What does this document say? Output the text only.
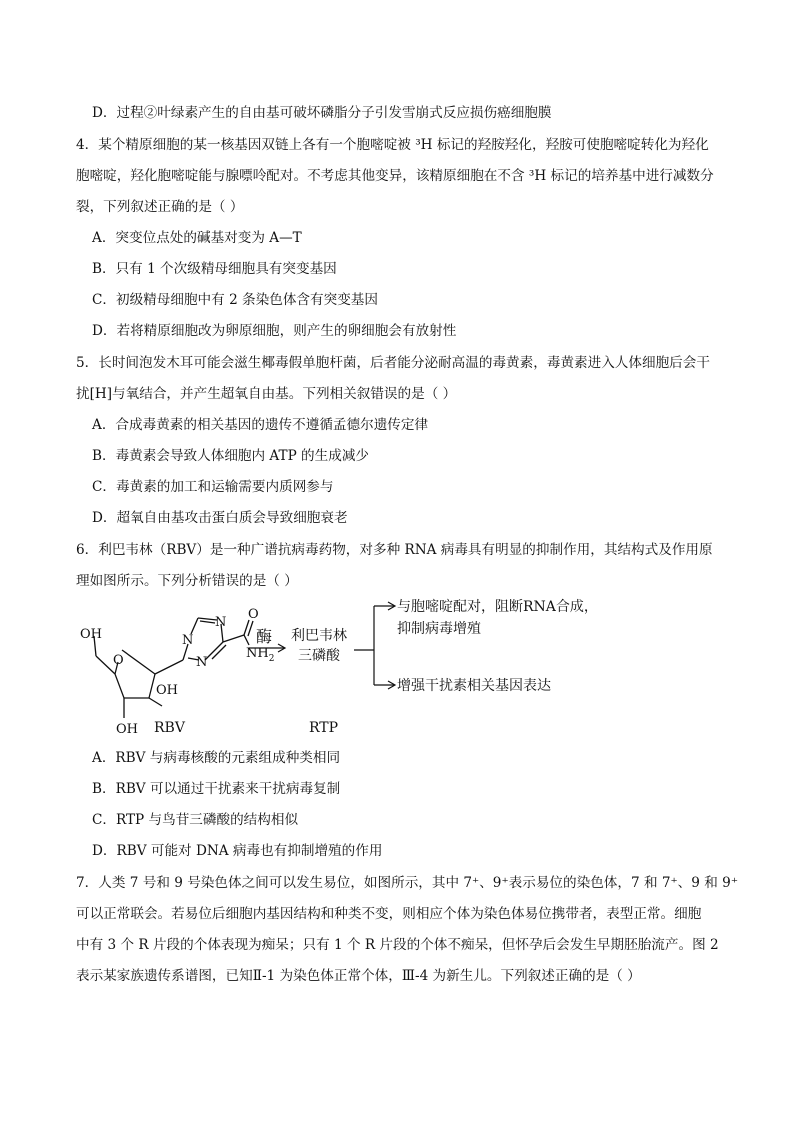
D．过程②叶绿素产生的自由基可破坏磷脂分子引发雪崩式反应损伤癌细胞膜
4．某个精原细胞的某一核基因双链上各有一个胞嘧啶被 ³H 标记的羟胺羟化，羟胺可使胞嘧啶转化为羟化
胞嘧啶，羟化胞嘧啶能与腺嘌呤配对。不考虑其他变异，该精原细胞在不含 ³H 标记的培养基中进行减数分
裂，下列叙述正确的是（ ）
A．突变位点处的碱基对变为 A—T
B．只有 1 个次级精母细胞具有突变基因
C．初级精母细胞中有 2 条染色体含有突变基因
D．若将精原细胞改为卵原细胞，则产生的卵细胞会有放射性
5．长时间泡发木耳可能会滋生椰毒假单胞杆菌，后者能分泌耐高温的毒黄素，毒黄素进入人体细胞后会干
扰[H]与氧结合，并产生超氧自由基。下列相关叙错误的是（ ）
A．合成毒黄素的相关基因的遗传不遵循孟德尔遗传定律
B．毒黄素会导致人体细胞内 ATP 的生成减少
C．毒黄素的加工和运输需要内质网参与
D．超氧自由基攻击蛋白质会导致细胞衰老
6．利巴韦林（RBV）是一种广谱抗病毒药物，对多种 RNA 病毒具有明显的抑制作用，其结构式及作用原
理如图所示。下列分析错误的是（ ）
A．RBV 与病毒核酸的元素组成种类相同
B．RBV 可以通过干扰素来干扰病毒复制
C．RTP 与鸟苷三磷酸的结构相似
D．RBV 可能对 DNA 病毒也有抑制增殖的作用
7．人类 7 号和 9 号染色体之间可以发生易位，如图所示，其中 7⁺、9⁺表示易位的染色体，7 和 7⁺、9 和 9⁺
可以正常联会。若易位后细胞内基因结构和种类不变，则相应个体为染色体易位携带者，表型正常。细胞
中有 3 个 R 片段的个体表现为痴呆；只有 1 个 R 片段的个体不痴呆，但怀孕后会发生早期胚胎流产。图 2
表示某家族遗传系谱图，已知Ⅱ-1 为染色体正常个体，Ⅲ-4 为新生儿。下列叙述正确的是（ ）
OH
O
N
N
N
O
$NH_2$
OH
OH
酶 利巴韦林
三磷酸
与胞嘧啶配对，阻断RNA合成，
抑制病毒增殖
增强干扰素相关基因表达
RBV	RTP
